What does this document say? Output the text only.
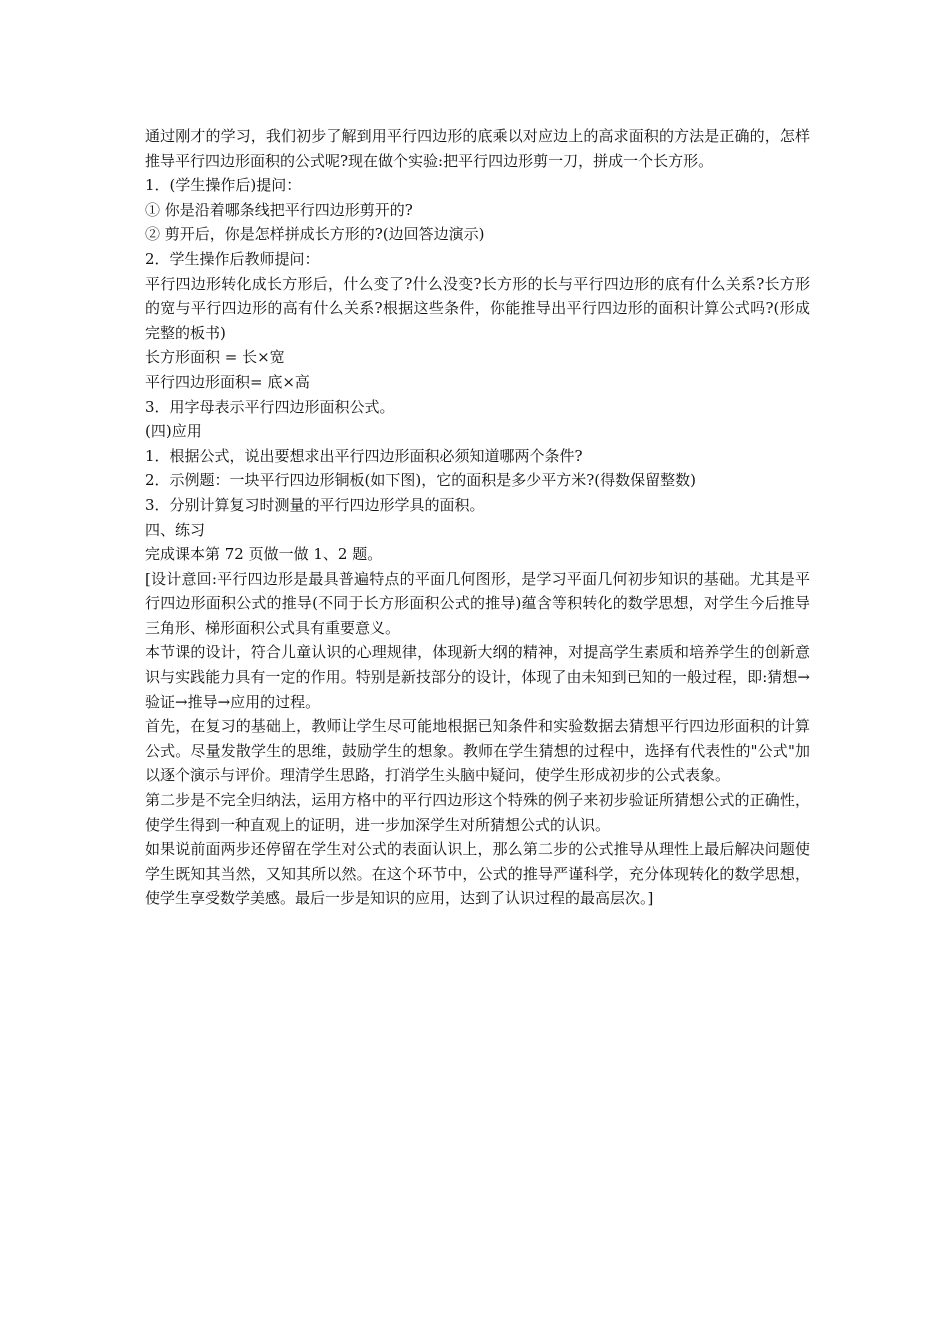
通过刚才的学习，我们初步了解到用平行四边形的底乘以对应边上的高求面积的方法是正确的，怎样推导平行四边形面积的公式呢?现在做个实验:把平行四边形剪一刀，拼成一个长方形。

1．(学生操作后)提问：

① 你是沿着哪条线把平行四边形剪开的?

② 剪开后，你是怎样拼成长方形的?(边回答边演示)

2．学生操作后教师提问：

平行四边形转化成长方形后，什么变了?什么没变?长方形的长与平行四边形的底有什么关系?长方形的宽与平行四边形的高有什么关系?根据这些条件，你能推导出平行四边形的面积计算公式吗?(形成完整的板书)

长方形面积 = 长×宽

平行四边形面积= 底×高

3．用字母表示平行四边形面积公式。

(四)应用

1．根据公式，说出要想求出平行四边形面积必须知道哪两个条件?

2．示例题：一块平行四边形铜板(如下图)，它的面积是多少平方米?(得数保留整数)

3．分别计算复习时测量的平行四边形学具的面积。

四、练习

完成课本第 72 页做一做 1、2 题。

[设计意回:平行四边形是最具普遍特点的平面几何图形，是学习平面几何初步知识的基础。尤其是平行四边形面积公式的推导(不同于长方形面积公式的推导)蕴含等积转化的数学思想，对学生今后推导三角形、梯形面积公式具有重要意义。

本节课的设计，符合儿童认识的心理规律，体现新大纲的精神，对提高学生素质和培养学生的创新意识与实践能力具有一定的作用。特别是新技部分的设计，体现了由未知到已知的一般过程，即:猜想→验证→推导→应用的过程。

首先，在复习的基础上，教师让学生尽可能地根据已知条件和实验数据去猜想平行四边形面积的计算公式。尽量发散学生的思维，鼓励学生的想象。教师在学生猜想的过程中，选择有代表性的"公式"加以逐个演示与评价。理清学生思路，打消学生头脑中疑问，使学生形成初步的公式表象。

第二步是不完全归纳法，运用方格中的平行四边形这个特殊的例子来初步验证所猜想公式的正确性，使学生得到一种直观上的证明，进一步加深学生对所猜想公式的认识。

如果说前面两步还停留在学生对公式的表面认识上，那么第二步的公式推导从理性上最后解决问题使学生既知其当然，又知其所以然。在这个环节中，公式的推导严谨科学，充分体现转化的数学思想，使学生享受数学美感。最后一步是知识的应用，达到了认识过程的最高层次。]
